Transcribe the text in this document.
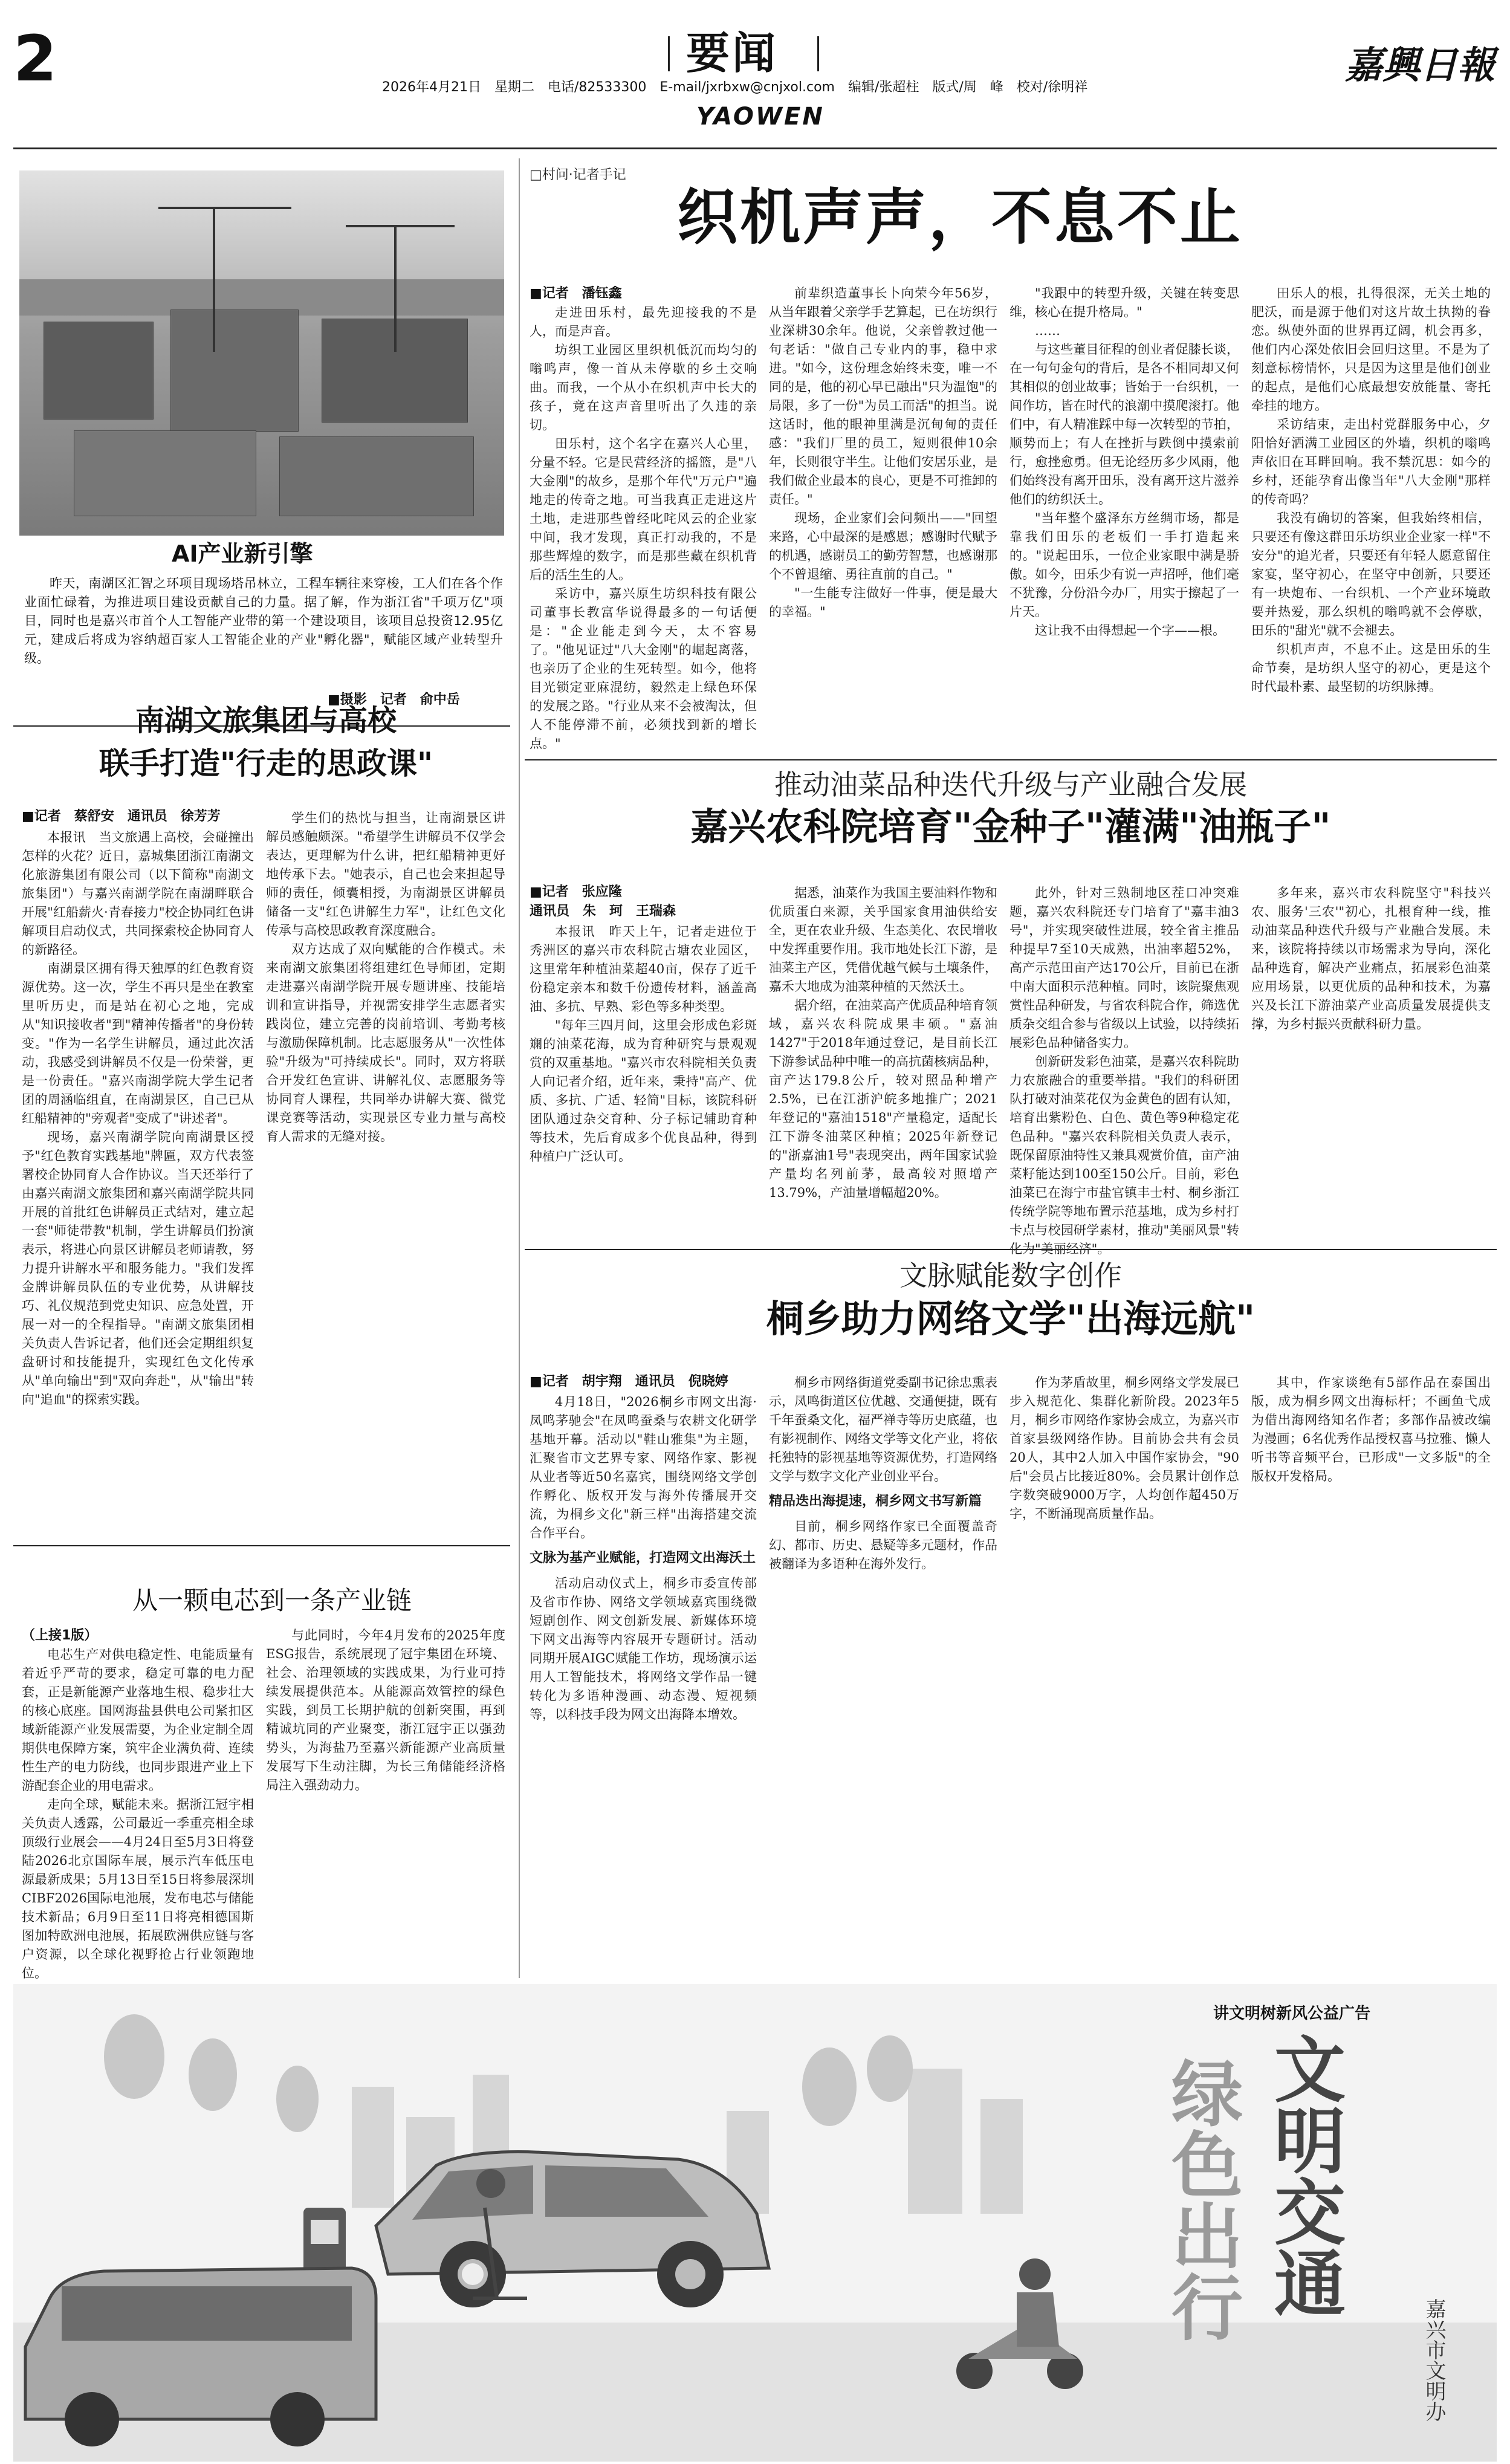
2	要闻
YAOWEN
2026年4月21日　星期二　电话/82533300　E-mail/jxrbxw@cnjxol.com　编辑/张超柱　版式/周　峰　校对/徐明祥
嘉興日報
AI产业新引擎
昨天，南湖区汇智之环项目现场塔吊林立，工程车辆往来穿梭，工人们在各个作业面忙碌着，为推进项目建设贡献自己的力量。据了解，作为浙江省"千项万亿"项目，同时也是嘉兴市首个人工智能产业带的第一个建设项目，该项目总投资12.95亿元，建成后将成为容纳超百家人工智能企业的产业"孵化器"，赋能区域产业转型升级。
■摄影　记者　俞中岳
南湖文旅集团与高校
联手打造"行走的思政课"
■记者　蔡舒安　通讯员　徐芳芳

本报讯　当文旅遇上高校，会碰撞出怎样的火花？近日，嘉城集团浙江南湖文化旅游集团有限公司（以下简称"南湖文旅集团"）与嘉兴南湖学院在南湖畔联合开展"红船薪火·青春接力"校企协同红色讲解项目启动仪式，共同探索校企协同育人的新路径。

南湖景区拥有得天独厚的红色教育资源优势。这一次，学生不再只是坐在教室里听历史，而是站在初心之地，完成从"知识接收者"到"精神传播者"的身份转变。"作为一名学生讲解员，通过此次活动，我感受到讲解员不仅是一份荣誉，更是一份责任。"嘉兴南湖学院大学生记者团的周涵临组直，在南湖景区，自己已从红船精神的"旁观者"变成了"讲述者"。

现场，嘉兴南湖学院向南湖景区授予"红色教育实践基地"牌匾，双方代表签署校企协同育人合作协议。当天还举行了由嘉兴南湖文旅集团和嘉兴南湖学院共同开展的首批红色讲解员正式结对，建立起一套"师徒带教"机制，学生讲解员们扮演表示，将进心向景区讲解员老师请教，努力提升讲解水平和服务能力。"我们发挥金牌讲解员队伍的专业优势，从讲解技巧、礼仪规范到党史知识、应急处置，开展一对一的全程指导。"南湖文旅集团相关负责人告诉记者，他们还会定期组织复盘研讨和技能提升，实现红色文化传承从"单向输出"到"双向奔赴"，从"输出"转向"追血"的探索实践。

学生们的热忱与担当，让南湖景区讲解员感触颇深。"希望学生讲解员不仅学会表达，更理解为什么讲，把红船精神更好地传承下去。"她表示，自己也会来担起导师的责任，倾囊相授，为南湖景区讲解员储备一支"红色讲解生力军"，让红色文化传承与高校思政教育深度融合。

双方达成了双向赋能的合作模式。未来南湖文旅集团将组建红色导师团，定期走进嘉兴南湖学院开展专题讲座、技能培训和宣讲指导，并视需安排学生志愿者实践岗位，建立完善的岗前培训、考勤考核与激励保障机制。比志愿服务从"一次性体验"升级为"可持续成长"。同时，双方将联合开发红色宣讲、讲解礼仪、志愿服务等协同育人课程，共同举办讲解大赛、微党课竞赛等活动，实现景区专业力量与高校育人需求的无缝对接。

从一颗电芯到一条产业链
（上接1版）

电芯生产对供电稳定性、电能质量有着近乎严苛的要求，稳定可靠的电力配套，正是新能源产业落地生根、稳步壮大的核心底座。国网海盐县供电公司紧扣区域新能源产业发展需要，为企业定制全周期供电保障方案，筑牢企业满负荷、连续性生产的电力防线，也同步跟进产业上下游配套企业的用电需求。

走向全球，赋能未来。据浙江冠宇相关负责人透露，公司最近一季重亮相全球顶级行业展会——4月24日至5月3日将登陆2026北京国际车展，展示汽车低压电源最新成果；5月13日至15日将参展深圳CIBF2026国际电池展，发布电芯与储能技术新品；6月9日至11日将亮相德国斯图加特欧洲电池展，拓展欧洲供应链与客户资源，以全球化视野抢占行业领跑地位。

与此同时，今年4月发布的2025年度ESG报告，系统展现了冠宇集团在环境、社会、治理领域的实践成果，为行业可持续发展提供范本。从能源高效管控的绿色实践，到员工长期护航的创新突围，再到精诚坑同的产业聚变，浙江冠宇正以强劲势头，为海盐乃至嘉兴新能源产业高质量发展写下生动注脚，为长三角储能经济格局注入强劲动力。

□村问·记者手记
织机声声，不息不止
■记者　潘钰鑫

走进田乐村，最先迎接我的不是人，而是声音。

坊织工业园区里织机低沉而均匀的嗡鸣声，像一首从未停歇的乡土交响曲。而我，一个从小在织机声中长大的孩子，竟在这声音里听出了久违的亲切。

田乐村，这个名字在嘉兴人心里，分量不轻。它是民营经济的摇篮，是"八大金刚"的故乡，是那个年代"万元户"遍地走的传奇之地。可当我真正走进这片土地，走进那些曾经叱咤风云的企业家中间，我才发现，真正打动我的，不是那些辉煌的数字，而是那些藏在织机背后的活生生的人。

采访中，嘉兴原生坊织科技有限公司董事长教富华说得最多的一句话便是："企业能走到今天，太不容易了。"他见证过"八大金刚"的崛起离落，也亲历了企业的生死转型。如今，他将目光锁定亚麻混纺，毅然走上绿色环保的发展之路。"行业从来不会被淘汰，但人不能停滞不前，必须找到新的增长点。"

前辈织造董事长卜向荣今年56岁，从当年跟着父亲学手艺算起，已在坊织行业深耕30余年。他说，父亲曾教过他一句老话："做自己专业内的事，稳中求进。"如今，这份理念始终未变，唯一不同的是，他的初心早已融出"只为温饱"的局限，多了一份"为员工而活"的担当。说这话时，他的眼神里满是沉甸甸的责任感："我们厂里的员工，短则很伸10余年，长则很守半生。让他们安居乐业，是我们做企业最本的良心，更是不可推卸的责任。"

现场，企业家们会问频出——"回望来路，心中最深的是感恩；感谢时代赋予的机遇，感谢员工的勤劳智慧，也感谢那个不曾退缩、勇往直前的自己。"

"一生能专注做好一件事，便是最大的幸福。"

"我跟中的转型升级，关键在转变思维，核心在提升格局。"

……

与这些董目征程的创业者促膝长谈，在一句句金句的背后，是各不相同却又何其相似的创业故事；皆始于一台织机，一间作坊，皆在时代的浪潮中摸爬滚打。他们中，有人精准踩中每一次转型的节拍，顺势而上；有人在挫折与跌倒中摸索前行，愈挫愈勇。但无论经历多少风雨，他们始终没有离开田乐，没有离开这片滋养他们的纺织沃土。

"当年整个盛泽东方丝绸市场，都是靠我们田乐的老板们一手打造起来的。"说起田乐，一位企业家眼中满是骄傲。如今，田乐少有说一声招呼，他们毫不犹豫，分份沿今办厂，用实于擦起了一片天。

这让我不由得想起一个字——根。

田乐人的根，扎得很深，无关土地的肥沃，而是源于他们对这片故土执拗的眷恋。纵使外面的世界再辽阔，机会再多，他们内心深处依旧会回归这里。不是为了刻意标榜情怀，只是因为这里是他们创业的起点，是他们心底最想安放能量、寄托牵挂的地方。

采访结束，走出村党群服务中心，夕阳恰好洒满工业园区的外墙，织机的嗡鸣声依旧在耳畔回响。我不禁沉思：如今的乡村，还能孕育出像当年"八大金刚"那样的传奇吗？

我没有确切的答案，但我始终相信，只要还有像这群田乐坊织业企业家一样"不安分"的追光者，只要还有年轻人愿意留住家宴，坚守初心，在坚守中创新，只要还有一块炮布、一台织机、一个产业环境敢要并热爱，那么织机的嗡鸣就不会停歇，田乐的"甜光"就不会褪去。

织机声声，不息不止。这是田乐的生命节奏，是坊织人坚守的初心，更是这个时代最朴素、最坚韧的坊织脉搏。

推动油菜品种迭代升级与产业融合发展
嘉兴农科院培育"金种子"灌满"油瓶子"
■记者　张应隆
通讯员　朱　珂　王瑞森

本报讯　昨天上午，记者走进位于秀洲区的嘉兴市农科院古塘农业园区，这里常年种植油菜超40亩，保存了近千份稳定亲本和数千份遗传材料，涵盖高油、多抗、早熟、彩色等多种类型。

"每年三四月间，这里会形成色彩斑斓的油菜花海，成为育种研究与景观观赏的双重基地。"嘉兴市农科院相关负责人向记者介绍，近年来，秉持"高产、优质、多抗、广适、轻简"目标，该院科研团队通过杂交育种、分子标记辅助育种等技术，先后育成多个优良品种，得到种植户广泛认可。

据悉，油菜作为我国主要油料作物和优质蛋白来源，关乎国家食用油供给安全，更在农业升级、生态美化、农民增收中发挥重要作用。我市地处长江下游，是油菜主产区，凭借优越气候与土壤条件，嘉禾大地成为油菜种植的天然沃土。

据介绍，在油菜高产优质品种培育领域，嘉兴农科院成果丰硕。"嘉油1427"于2018年通过登记，是目前长江下游参试品种中唯一的高抗菌核病品种，亩产达179.8公斤，较对照品种增产2.5%，已在江浙沪皖多地推广；2021年登记的"嘉油1518"产量稳定，适配长江下游冬油菜区种植；2025年新登记的"浙嘉油1号"表现突出，两年国家试验产量均名列前茅，最高较对照增产13.79%，产油量增幅超20%。

此外，针对三熟制地区茬口冲突难题，嘉兴农科院还专门培育了"嘉丰油3号"，并实现突破性进展，较全省主推品种提早7至10天成熟，出油率超52%，高产示范田亩产达170公斤，目前已在浙中南大面积示范种植。同时，该院聚焦观赏性品种研发，与省农科院合作，筛选优质杂交组合参与省级以上试验，以持续拓展彩色品种储备实力。

创新研发彩色油菜，是嘉兴农科院助力农旅融合的重要举措。"我们的科研团队打破对油菜花仅为金黄色的固有认知，培育出紫粉色、白色、黄色等9种稳定花色品种。"嘉兴农科院相关负责人表示，既保留原油特性又兼具观赏价值，亩产油菜籽能达到100至150公斤。目前，彩色油菜已在海宁市盐官镇丰士村、桐乡浙江传统学院等地布置示范基地，成为乡村打卡点与校园研学素材，推动"美丽风景"转化为"美丽经济"。

多年来，嘉兴市农科院坚守"科技兴农、服务'三农'"初心，扎根育种一线，推动油菜品种迭代升级与产业融合发展。未来，该院将持续以市场需求为导向，深化品种选育，解决产业痛点，拓展彩色油菜应用场景，以更优质的品种和技术，为嘉兴及长江下游油菜产业高质量发展提供支撑，为乡村振兴贡献科研力量。

文脉赋能数字创作
桐乡助力网络文学"出海远航"
■记者　胡宇翔　通讯员　倪晓婷

4月18日，"2026桐乡市网文出海·凤鸣茅驰会"在凤鸣蚕桑与农耕文化研学基地开幕。活动以"鞋山雅集"为主题，汇聚省市文艺界专家、网络作家、影视从业者等近50名嘉宾，围绕网络文学创作孵化、版权开发与海外传播展开交流，为桐乡文化"新三样"出海搭建交流合作平台。

文脉为基产业赋能，打造网文出海沃土

活动启动仪式上，桐乡市委宣传部及省市作协、网络文学领域嘉宾围绕微短剧创作、网文创新发展、新媒体环境下网文出海等内容展开专题研讨。活动同期开展AIGC赋能工作坊，现场演示运用人工智能技术，将网络文学作品一键转化为多语种漫画、动态漫、短视频等，以科技手段为网文出海降本增效。

桐乡市网络街道党委副书记徐忠熏表示，凤鸣街道区位优越、交通便捷，既有千年蚕桑文化，福严禅寺等历史底蕴，也有影视制作、网络文学等文化产业，将依托独特的影视基地等资源优势，打造网络文学与数字文化产业创业平台。

精品迭出海提速，桐乡网文书写新篇

目前，桐乡网络作家已全面覆盖奇幻、都市、历史、悬疑等多元题材，作品被翻译为多语种在海外发行。

作为茅盾故里，桐乡网络文学发展已步入规范化、集群化新阶段。2023年5月，桐乡市网络作家协会成立，为嘉兴市首家县级网络作协。目前协会共有会员20人，其中2人加入中国作家协会，"90后"会员占比接近80%。会员累计创作总字数突破9000万字，人均创作超450万字，不断涌现高质量作品。

其中，作家谈绝有5部作品在泰国出版，成为桐乡网文出海标杆；不画鱼弋成为借出海网络知名作者；多部作品被改编为漫画；6名优秀作品授权喜马拉雅、懒人听书等音频平台，已形成"一文多版"的全版权开发格局。

讲文明树新风公益广告
文明交通
绿色出行
嘉兴市文明办
